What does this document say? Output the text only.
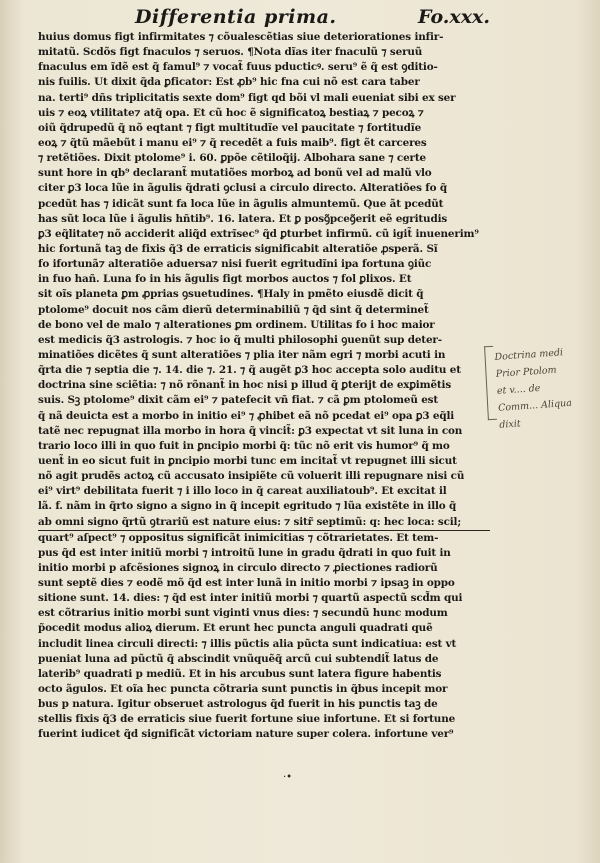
Differentia prima.	Fo.xxx.
huius domus figt infirmitates ⁊ cõualescẽtias siue deteriorationes infir-
mitatũ. Scdõs figt fnaculos ⁊ seruos. ¶Nota dĩas iter fnaculũ ⁊ seruũ
fnaculus em ĩdẽ est q̃ famul⁹ ⁊ vocat̃ fuus pducticꝰ. seru⁹ ẽ q̃ est ꝯditio-
nis fuilis. Ut dixit q̃da ꝑficator: Est ꝓb⁹ hic fna cui nõ est cara taber
na. terti⁹ dñs triplicitatis sexte dom⁹ figt qd bõi vl mali eueniat sibi ex ser
uis ⁊ eoꝝ vtilitate⁊ atq̃ opa. Et cũ hoc ẽ significatoꝝ bestiaꝝ ⁊ pecoꝝ ⁊
oiũ q̃drupedũ q̃ nõ eqtant ⁊ figt multitudĩe vel paucitate ⁊ fortitudĩe
eoꝝ ⁊ q̃tũ mãebũt i manu ei⁹ ⁊ q̃ recedẽt a fuis maib⁹. figt ẽt carceres
⁊ retẽtiões. Dixit ptolome⁹ i. 60. ꝑpõe cẽtiloq̃ij. Albohara sane ⁊ certe
sunt hore in qb⁹ declarant̃ mutatiões morboꝝ ad bonũ vel ad malũ vlo
citer ꝑ3 loca lũe in ãgulis q̃drati ꝯclusi a circulo directo. Alteratiões fo q̃
pcedũt has ⁊ idicãt sunt fa loca lũe in ãgulis almuntemũ. Que ãt pcedũt
has sũt loca lũe i ãgulis hñtib⁹. 16. latera. Et ꝑ posꝯ̃pceꝯ̃erit eẽ egritudis
ꝑ3 eq̃litate⁊ nõ acciderit aliq̃d extrĩsec⁹ q̃d ꝑturbet infirmũ. cũ igit̃ inuenerim⁹
hic fortunã taꝫ de fixis q̃3 de erraticis significabit alteratiõe ꝓsperã. Sĩ
fo ifortunã⁊ alteratiõe aduersa⁊ nisi fuerit egritudĩni ipa fortuna ꝯiũc
in fuo hañ. Luna fo in his ãgulis figt morbos auctos ⁊ fol ꝑlixos. Et
sit oĩs planeta ꝑm ꝓprias ꝯsuetudines. ¶Haly in pmẽto eiusdẽ dicit q̃
ptolome⁹ docuit nos cãm dierũ determinabiliũ ⁊ q̃d sint q̃ determinet̃
de bono vel de malo ⁊ alterationes ꝑm ordinem. Utilitas fo i hoc maior
est medicis q̃3 astrologis. ⁊ hoc io q̃ multi philosophi ꝯuenũt sup deter-
minatiões dicẽtes q̃ sunt alteratiões ⁊ plia iter nãm egri ⁊ morbi acuti in
q̃rta die ⁊ septia die ⁊. 14. die ⁊. 21. ⁊ q̃ augẽt ꝑ3 hoc accepta solo auditu et
doctrina sine sciẽtia: ⁊ nõ rõnant̃ in hoc nisi p illud q̃ ꝑterijt de exꝑimẽtis
suis. Sꝫ ptolome⁹ dixit cãm ei⁹ ⁊ patefecit vñ fiat. ⁊ cã ꝑm ptolomeũ est
q̃ nã deuicta est a morbo in initio ei⁹ ⁊ ꝓhibet eã nõ pcedat ei⁹ opa ꝑ3 eq̃li
tatẽ nec repugnat illa morbo in hora q̃ vincit̃: ꝑ3 expectat vt sit luna in con
trario loco illi in quo fuit in ꝑncipio morbi q̃: tũc nõ erit vis humor⁹ q̃ mo
uent̃ in eo sicut fuit in ꝑncipio morbi tunc em incitat̃ vt repugnet illi sicut
nõ agit prudẽs actoꝝ cũ accusato insipiẽte cũ voluerit illi repugnare nisi cũ
ei⁹ virt⁹ debilitata fuerit ⁊ i illo loco in q̃ careat auxiliatoub⁹. Et excitat il
lã. f. nãm in q̃rto signo a signo in q̃ incepit egritudo ⁊ lũa existẽte in illo q̃
ab omni signo q̃rtũ ꝯtrariũ est nature eius: ⁊ sitr̃ septimũ: q: hec loca: scil;
quart⁹ aſpect⁹ ⁊ oppositus significãt inimicitias ⁊ cõtrarietates. Et tem-
pus q̃d est inter initiũ morbi ⁊ introitũ lune in gradu q̃drati in quo fuit in
initio morbi p afcẽsiones signoꝝ in circulo directo ⁊ ꝓiectiones radiorũ
sunt septẽ dies ⁊ eodẽ mõ q̃d est inter lunã in initio morbi ⁊ ipsaꝫ in oppo
sitione sunt. 14. dies: ⁊ q̃d est inter initiũ morbi ⁊ quartũ aspectũ scd̃m qui
est cõtrarius initio morbi sunt viginti vnus dies: ⁊ secundũ hunc modum
p̃ocedit modus alioꝝ dierum. Et erunt hec puncta anguli quadrati quẽ
includit linea circuli directi: ⁊ illis pũctis alia pũcta sunt indicatiua: est vt
pueniat luna ad pũctũ q̃ abscindit vnũquẽq̃ arcũ cui subtendit̃ latus de
laterib⁹ quadrati p mediũ. Et in his arcubus sunt latera figure habentis
octo ãgulos. Et oĩa hec puncta cõtraria sunt punctis in q̃bus incepit mor
bus p natura. Igitur obseruet astrologus q̃d fuerit in his punctis taꝫ de
stellis fixis q̃3 de erraticis siue fuerit fortune siue infortune. Et si fortune
fuerint iudicet q̃d significãt victoriam nature super colera. infortune ver⁹
Doctrina medi
Prior Ptolom
et v.... de
Comm... Aliqua
dixit
·•
